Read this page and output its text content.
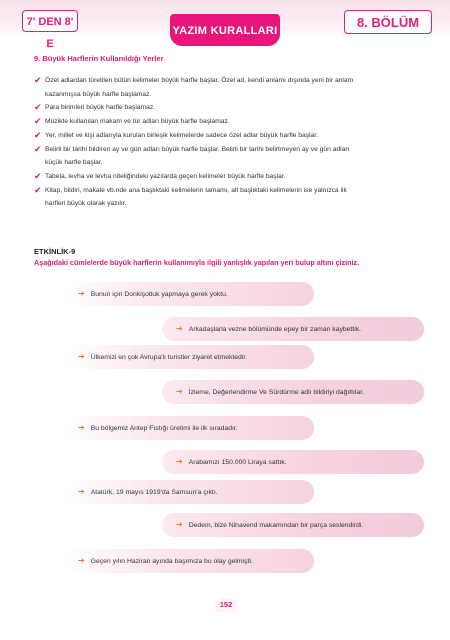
7' DEN 8' E
YAZIM KURALLARI
8. BÖLÜM
9. Büyük Harflerin Kullanıldığı Yerler
✔ Özel adlardan türetilen bütün kelimeler büyük harfle başlar. Özel ad, kendi anlamı dışında yeni bir anlam
kazanmışsa büyük harfle başlamaz.
✔ Para birimleri büyük harfle başlamaz.
✔ Müzikte kullanılan makam ve tür adları büyük harfle başlamaz.
✔ Yer, millet ve kişi adlarıyla kurulan birleşik kelimelerde sadece özel adlar büyük harfle başlar.
✔ Belirli bir tarihi bildiren ay ve gün adları büyük harfle başlar. Belirli bir tarihi belirtmeyen ay ve gün adları
küçük harfle başlar.
✔ Tabela, levha ve levha niteliğindeki yazılarda geçen kelimeler büyük harfle başlar.
✔ Kitap, bildiri, makale vb.nde ana başlıktaki kelimelerin tamamı, alt başlıktaki kelimelerin ise yalnızca ilk
harfleri büyük olarak yazılır.
ETKİNLİK-9
Aşağıdaki cümlelerde büyük harflerin kullanımıyla ilgili yanlışlık yapılan yeri bulup altını çiziniz.
➔ Bunun için Donkişotluk yapmaya gerek yoktu.
➔ Arkadaşlarla vezne bölümünde epey bir zaman kaybettik.
➔ Ülkemizi en çok Avrupa'lı turistler ziyaret etmektedir.
➔ İzleme, Değerlendirme Ve Sürdürme adlı bildiriyi dağıttılar.
➔ Bu bölgemiz Antep Fıstığı üretimi ile ilk sıradadır.
➔ Arabamızı 150.000 Liraya sattık.
➔ Atatürk, 19 mayıs 1919'da Samsun'a çıktı.
➔ Dedem, bize Nihavend makamından bir parça seslendirdi.
➔ Geçen yılın Haziran ayında başımıza bu olay gelmişti.
152
